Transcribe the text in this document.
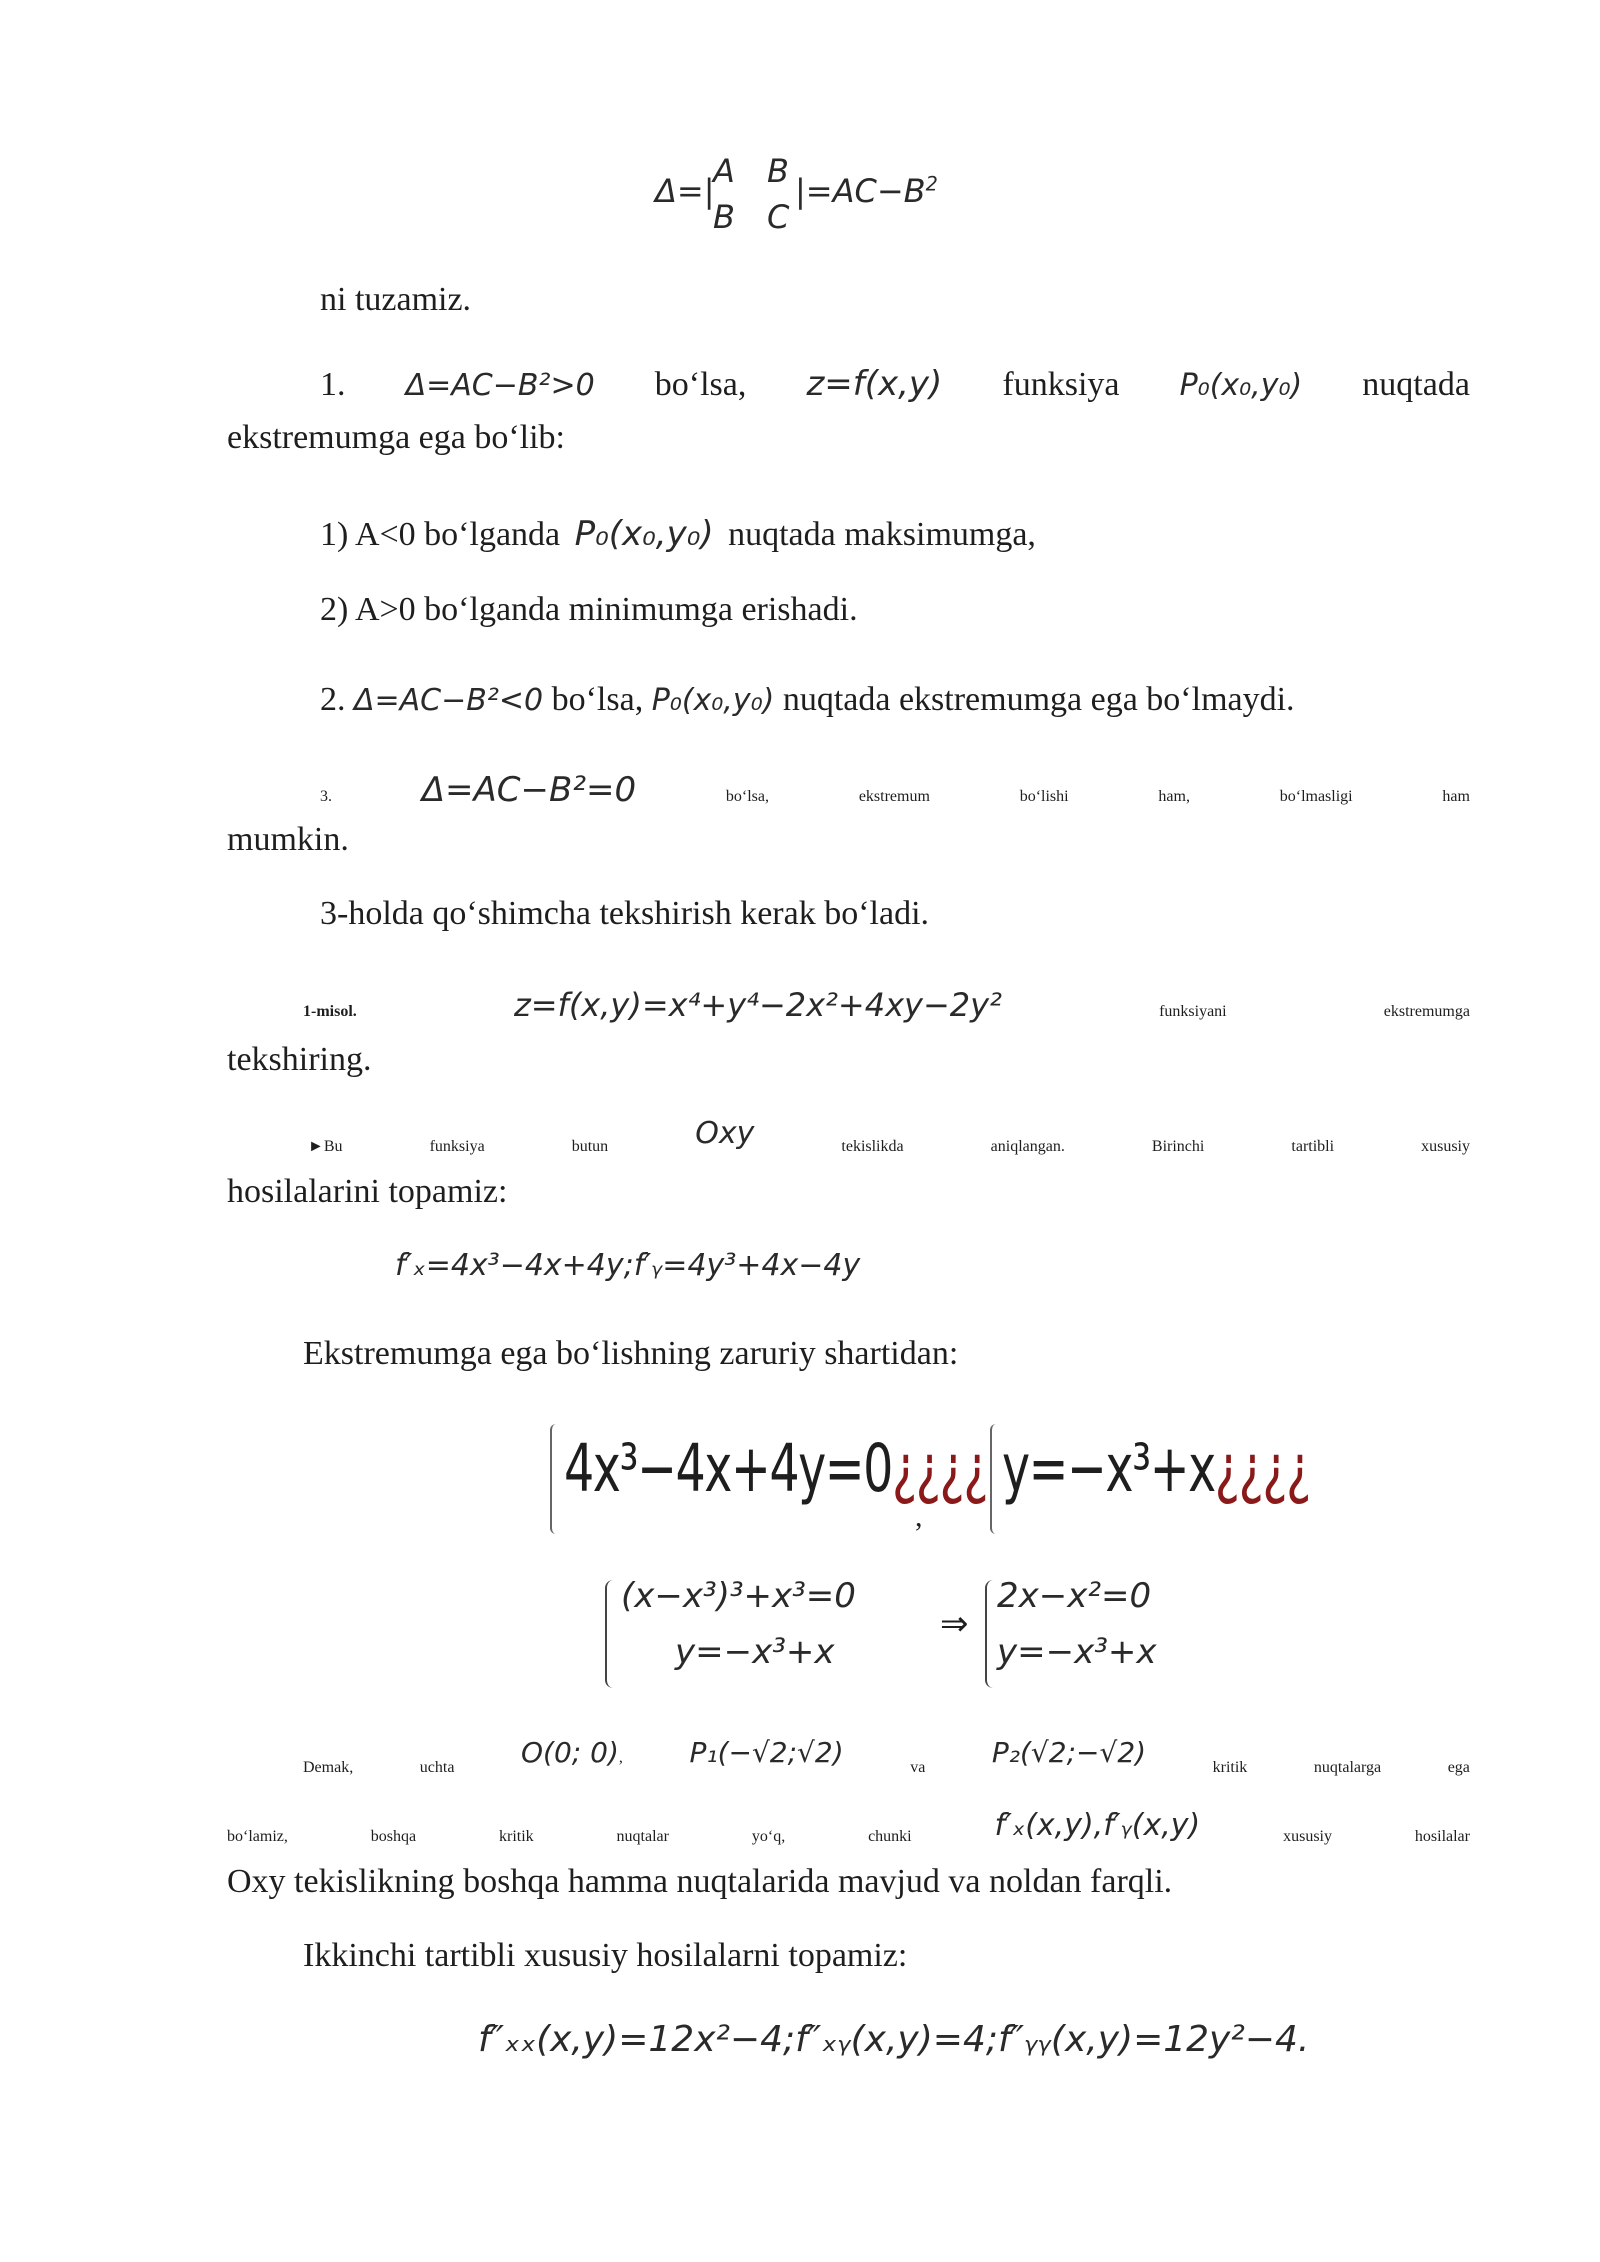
Δ=|
A B
B C
$|=AC-B^2$
ni tuzamiz.
1. Δ=AC−B²>0 bo‘lsa, z=f(x,y) funksiya P₀(x₀,y₀) nuqtada
ekstremumga ega bo‘lib:
1) A<0 bo‘lganda P₀(x₀,y₀) nuqtada maksimumga,
2) A>0 bo‘lganda minimumga erishadi.
2. Δ=AC−B²<0 bo‘lsa, P₀(x₀,y₀) nuqtada ekstremumga ega bo‘lmaydi.
3.	Δ=AC−B²=0	bo‘lsa,	ekstremum	bo‘lishi	ham,	bo‘lmasligi	ham
mumkin.
3-holda qo‘shimcha tekshirish kerak bo‘ladi.
1-misol.	z=f(x,y)=x⁴+y⁴−2x²+4xy−2y²	funksiyani	ekstremumga
tekshiring.
►Bu	funksiya	butun	Oxy	tekislikda	aniqlangan.	Birinchi	tartibli	xususiy
hosilalarini topamiz:
f′ₓ=4x³−4x+4y;f′ᵧ=4y³+4x−4y
Ekstremumga ega bo‘lishning zaruriy shartidan:
4x³−4x+4y=0¿¿¿¿
,
y=−x³+x¿¿¿¿
(x−x³)³+x³=0
y=−x³+x
⇒
2x−x²=0
y=−x³+x
Demak,	uchta O(0; 0), P₁(−√2;√2)	va P₂(√2;−√2)	kritik	nuqtalarga	ega
bo‘lamiz,	boshqa	kritik	nuqtalar	yo‘q,	chunki	f′ₓ(x,y),f′ᵧ(x,y)	xususiy	hosilalar
Oxy tekislikning boshqa hamma nuqtalarida mavjud va noldan farqli.
Ikkinchi tartibli xususiy hosilalarni topamiz:
f″ₓₓ(x,y)=12x²−4;f″ₓᵧ(x,y)=4;f″ᵧᵧ(x,y)=12y²−4.
